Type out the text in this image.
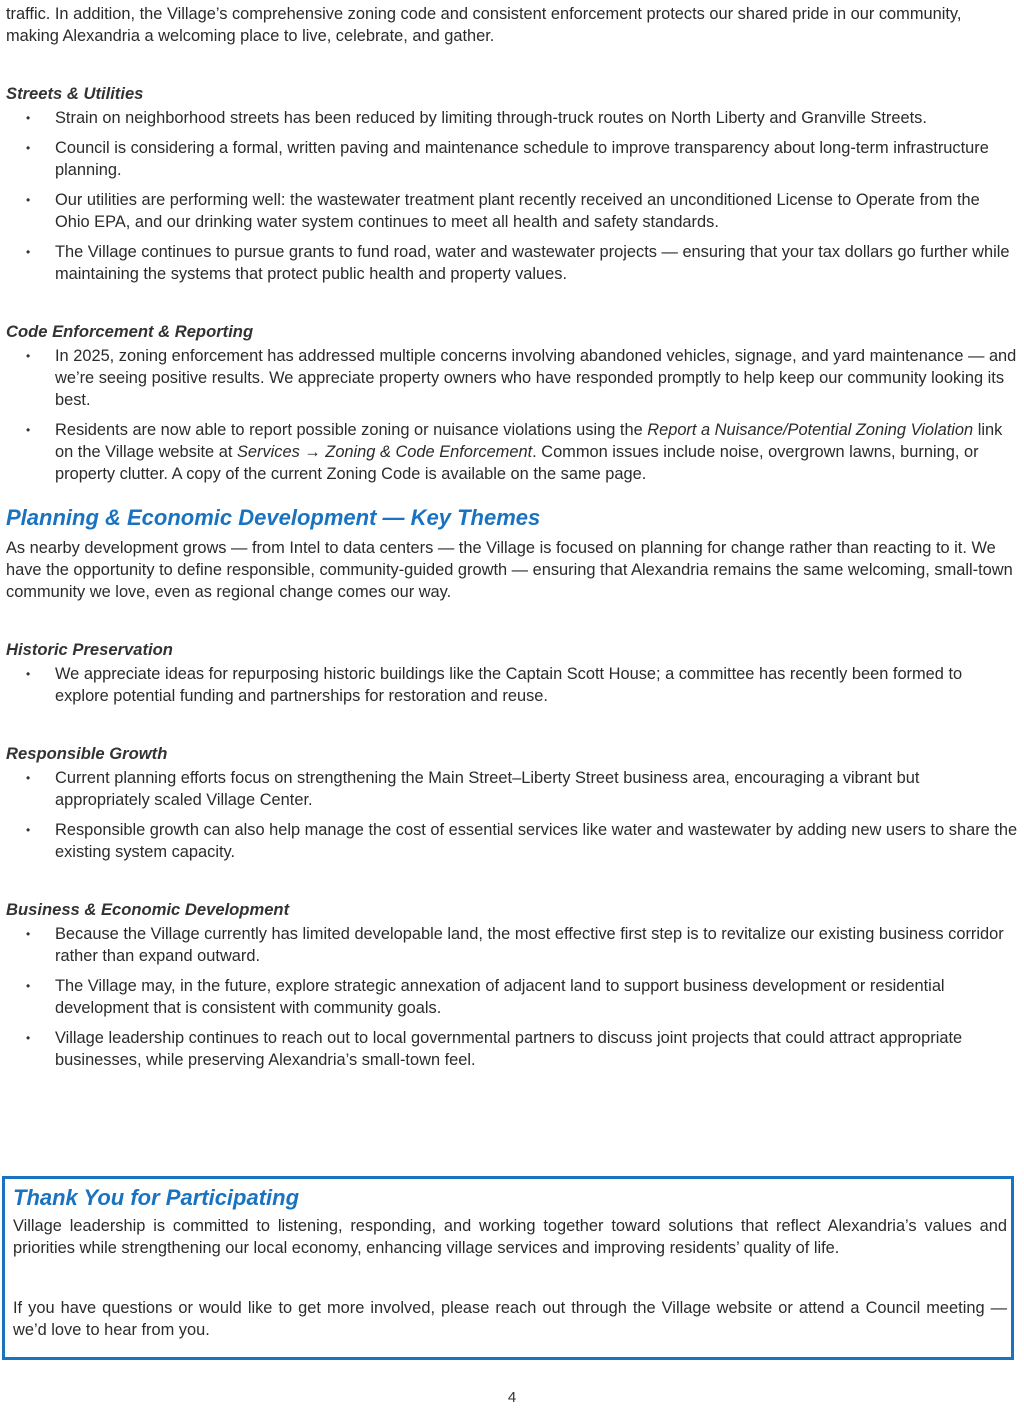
traffic. In addition, the Village’s comprehensive zoning code and consistent enforcement protects our shared pride in our community, making Alexandria a welcoming place to live, celebrate, and gather.

Streets & Utilities
• Strain on neighborhood streets has been reduced by limiting through-truck routes on North Liberty and Granville Streets.
• Council is considering a formal, written paving and maintenance schedule to improve transparency about long-term infrastructure planning.
• Our utilities are performing well: the wastewater treatment plant recently received an unconditioned License to Operate from the Ohio EPA, and our drinking water system continues to meet all health and safety standards.
• The Village continues to pursue grants to fund road, water and wastewater projects — ensuring that your tax dollars go further while maintaining the systems that protect public health and property values.
Code Enforcement & Reporting
• In 2025, zoning enforcement has addressed multiple concerns involving abandoned vehicles, signage, and yard maintenance — and we’re seeing positive results. We appreciate property owners who have responded promptly to help keep our community looking its best.
• Residents are now able to report possible zoning or nuisance violations using the Report a Nuisance/Potential Zoning Violation link on the Village website at Services → Zoning & Code Enforcement. Common issues include noise, overgrown lawns, burning, or property clutter. A copy of the current Zoning Code is available on the same page.
Planning & Economic Development — Key Themes

As nearby development grows — from Intel to data centers — the Village is focused on planning for change rather than reacting to it. We have the opportunity to define responsible, community-guided growth — ensuring that Alexandria remains the same welcoming, small-town community we love, even as regional change comes our way.

Historic Preservation
• We appreciate ideas for repurposing historic buildings like the Captain Scott House; a committee has recently been formed to explore potential funding and partnerships for restoration and reuse.
Responsible Growth
• Current planning efforts focus on strengthening the Main Street–Liberty Street business area, encouraging a vibrant but appropriately scaled Village Center.
• Responsible growth can also help manage the cost of essential services like water and wastewater by adding new users to share the existing system capacity.
Business & Economic Development
• Because the Village currently has limited developable land, the most effective first step is to revitalize our existing business corridor rather than expand outward.
• The Village may, in the future, explore strategic annexation of adjacent land to support business development or residential development that is consistent with community goals.
• Village leadership continues to reach out to local governmental partners to discuss joint projects that could attract appropriate businesses, while preserving Alexandria’s small-town feel.
Thank You for Participating

Village leadership is committed to listening, responding, and working together toward solutions that reflect Alexandria’s values and priorities while strengthening our local economy, enhancing village services and improving residents’ quality of life.

If you have questions or would like to get more involved, please reach out through the Village website or attend a Council meeting — we’d love to hear from you.

4
